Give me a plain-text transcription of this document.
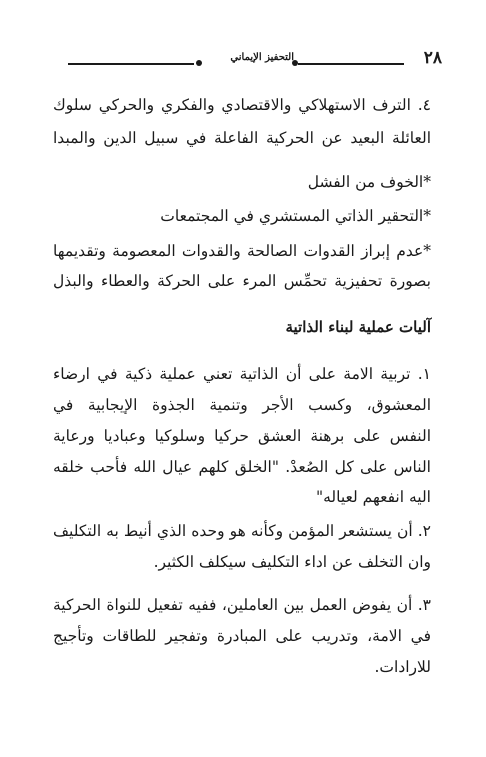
٢٨
التحفيز الإيماني
٤. الترف الاستهلاكي والاقتصادي والفكري والحركي سلوك
العائلة البعيد عن الحركية الفاعلة في سبيل الدين والمبدا
*الخوف من الفشل
*التحقير الذاتي المستشري في المجتمعات
*عدم إبراز القدوات الصالحة والقدوات المعصومة وتقديمها
بصورة تحفيزية تحمِّس المرء على الحركة والعطاء والبذل
آليات عملية لبناء الذاتية
١. تربية الامة على أن الذاتية تعني عملية ذكية في ارضاء
المعشوق، وكسب الأجر وتنمية الجذوة الإيجابية في
النفس على برهنة العشق حركيا وسلوكيا وعباديا ورعاية
الناس على كل الصُعدْ. "الخلق كلهم عيال الله فأحب خلقه
اليه انفعهم لعياله"
٢. أن يستشعر المؤمن وكأنه هو وحده الذي أنيط به التكليف
وان التخلف عن اداء التكليف سيكلف الكثير.
٣. أن يفوض العمل بين العاملين، ففيه تفعيل للنواة الحركية
في الامة، وتدريب على المبادرة وتفجير للطاقات وتأجيج
للارادات.
